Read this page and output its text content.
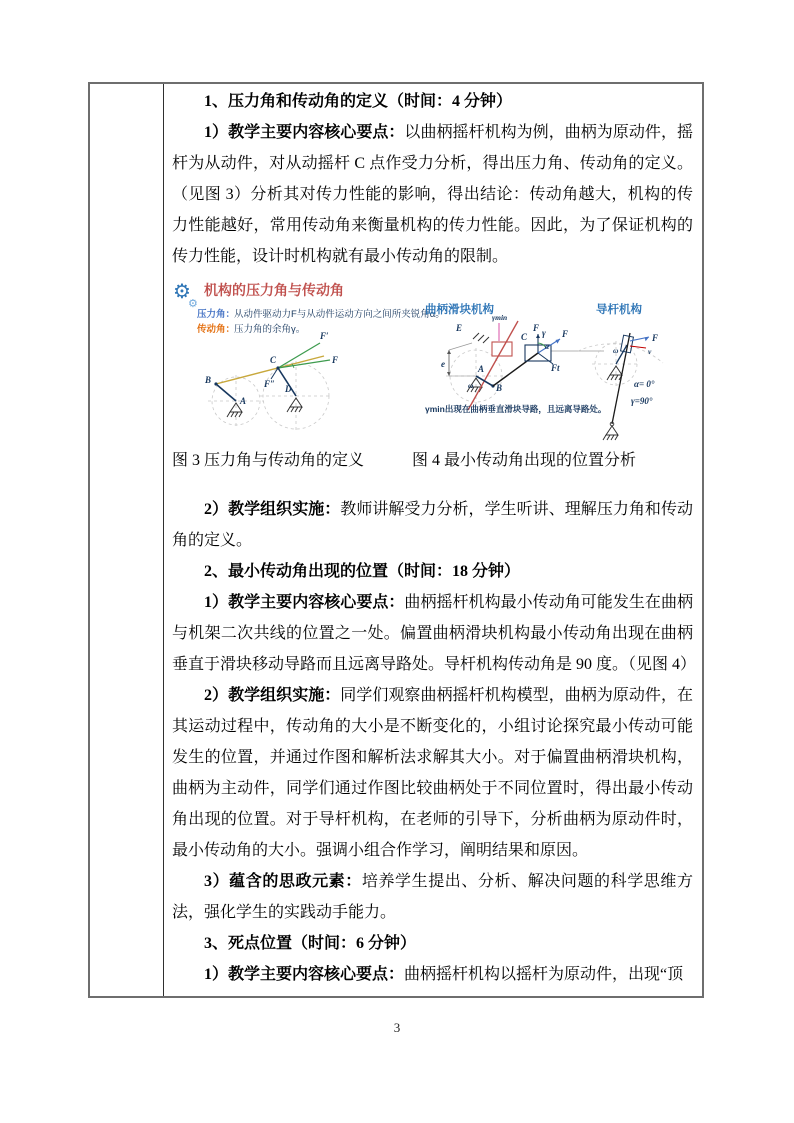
1、压力角和传动角的定义（时间：4 分钟）

1）教学主要内容核心要点：以曲柄摇杆机构为例，曲柄为原动件，摇杆为从动件，对从动摇杆 C 点作受力分析，得出压力角、传动角的定义。（见图 3）分析其对传力性能的影响，得出结论：传动角越大，机构的传力性能越好，常用传动角来衡量机构的传力性能。因此，为了保证机构的传力性能，设计时机构就有最小传动角的限制。

⚙
⚙
机构的压力角与传动角
压力角：
从动件驱动力F与从动件运动方向之间所夹锐角α。
传动角：
压力角的余角γ。
B
A
C
D
F′
F
F″
曲柄滑块机构
E
e	A
ω
γmin
B
C
F γ F
α
Ft
γmin出现在曲柄垂直滑块导路，且远离导路处。
导杆机构
ω
F
v
α= 0°
γ=90°
图 3 压力角与传动角的定义	图 4 最小传动角出现的位置分析

2）教学组织实施：教师讲解受力分析，学生听讲、理解压力角和传动角的定义。

2、最小传动角出现的位置（时间：18 分钟）

1）教学主要内容核心要点：曲柄摇杆机构最小传动角可能发生在曲柄与机架二次共线的位置之一处。偏置曲柄滑块机构最小传动角出现在曲柄垂直于滑块移动导路而且远离导路处。导杆机构传动角是 90 度。（见图 4）

2）教学组织实施：同学们观察曲柄摇杆机构模型，曲柄为原动件，在其运动过程中，传动角的大小是不断变化的，小组讨论探究最小传动可能发生的位置，并通过作图和解析法求解其大小。对于偏置曲柄滑块机构，曲柄为主动件，同学们通过作图比较曲柄处于不同位置时，得出最小传动角出现的位置。对于导杆机构，在老师的引导下，分析曲柄为原动件时，最小传动角的大小。强调小组合作学习，阐明结果和原因。

3）蕴含的思政元素：培养学生提出、分析、解决问题的科学思维方法，强化学生的实践动手能力。

3、死点位置（时间：6 分钟）

1）教学主要内容核心要点：曲柄摇杆机构以摇杆为原动件，出现“顶

3
